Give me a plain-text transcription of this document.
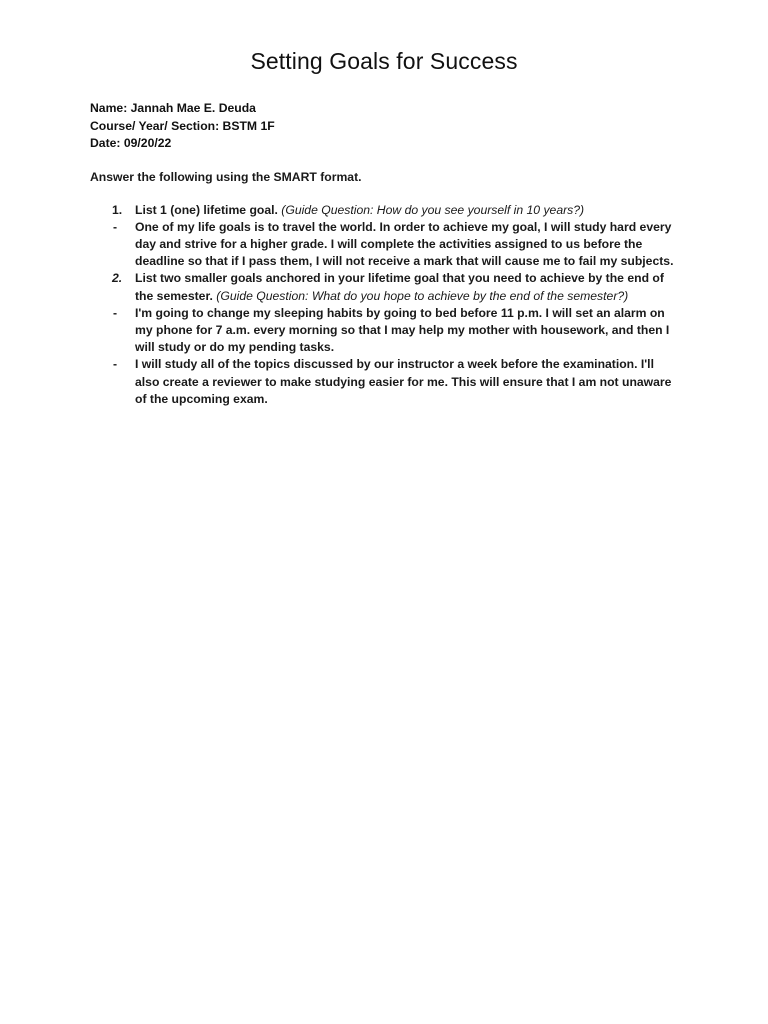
Setting Goals for Success
Name: Jannah Mae E. Deuda
Course/ Year/ Section: BSTM 1F
Date: 09/20/22
Answer the following using the SMART format.
1.	List 1 (one) lifetime goal. (Guide Question: How do you see yourself in 10 years?)
- One of my life goals is to travel the world. In order to achieve my goal, I will study hard every day and strive for a higher grade. I will complete the activities assigned to us before the deadline so that if I pass them, I will not receive a mark that will cause me to fail my subjects.
2.	List two smaller goals anchored in your lifetime goal that you need to achieve by the end of the semester. (Guide Question: What do you hope to achieve by the end of the semester?)
- I'm going to change my sleeping habits by going to bed before 11 p.m. I will set an alarm on my phone for 7 a.m. every morning so that I may help my mother with housework, and then I will study or do my pending tasks.
- I will study all of the topics discussed by our instructor a week before the examination. I'll also create a reviewer to make studying easier for me. This will ensure that I am not unaware of the upcoming exam.
